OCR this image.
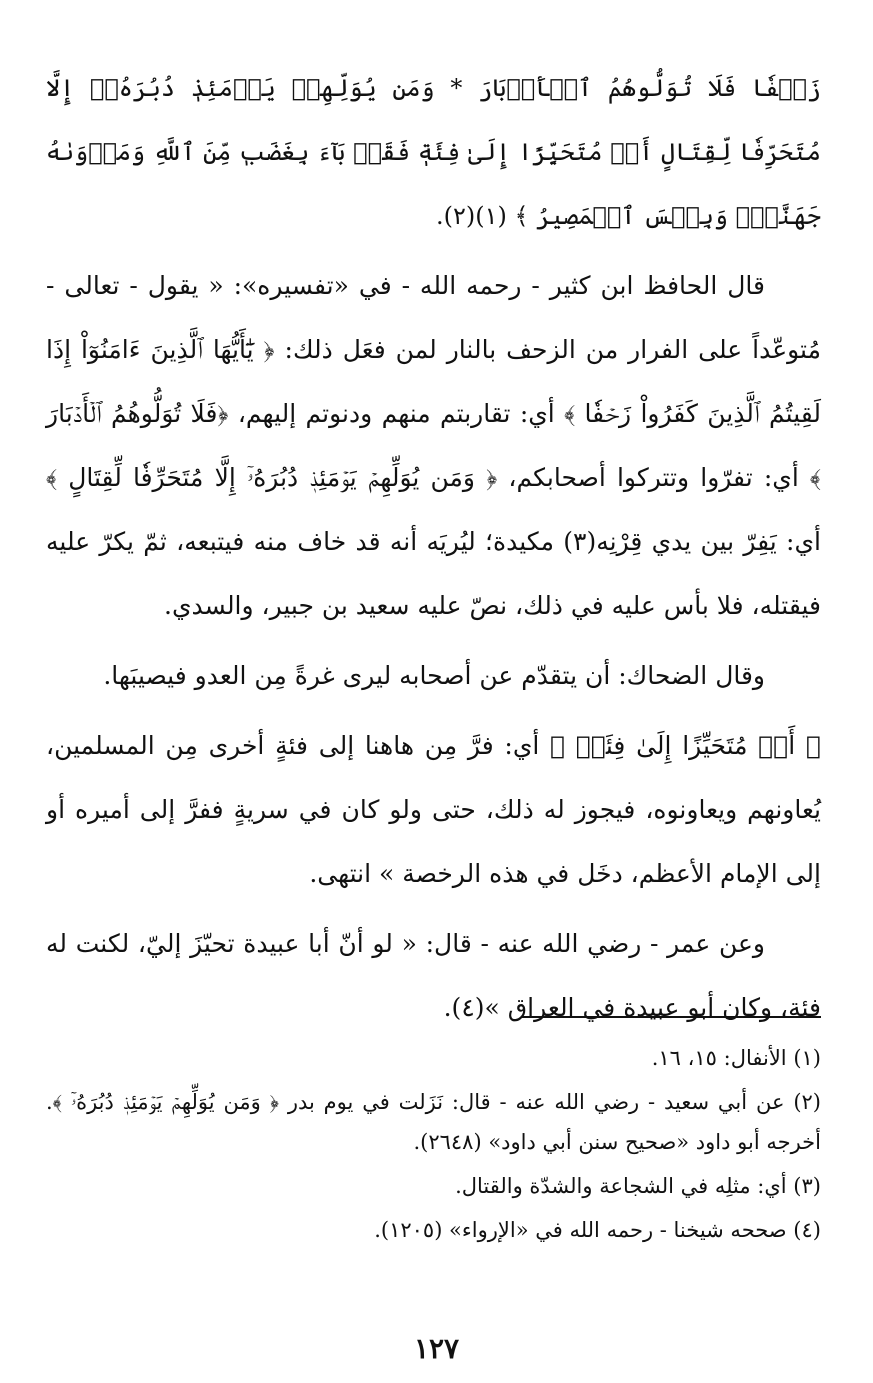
زَحۡفٗا فَلَا تُوَلُّوهُمُ ٱلۡأَدۡبَارَ * وَمَن يُوَلِّهِمۡ يَوۡمَئِذٖ دُبُرَهُۥٓ إِلَّا مُتَحَرِّفٗا لِّقِتَالٍ أَوۡ مُتَحَيِّزًا إِلَىٰ فِئَةٖ فَقَدۡ بَآءَ بِغَضَبٖ مِّنَ ٱللَّهِ وَمَأۡوَىٰهُ جَهَنَّمُۖ وَبِئۡسَ ٱلۡمَصِيرُ ﴾ (١)(٢).

قال الحافظ ابن كثير - رحمه الله - في «تفسيره»: « يقول - تعالى - مُتوعّداً على الفرار من الزحف بالنار لمن فعَل ذلك: ﴿ يَٰٓأَيُّهَا ٱلَّذِينَ ءَامَنُوٓاْ إِذَا لَقِيتُمُ ٱلَّذِينَ كَفَرُواْ زَحۡفٗا ﴾ أي: تقاربتم منهم ودنوتم إليهم، ﴿فَلَا تُوَلُّوهُمُ ٱلۡأَدۡبَارَ ﴾ أي: تفرّوا وتتركوا أصحابكم، ﴿ وَمَن يُوَلِّهِمۡ يَوۡمَئِذٖ دُبُرَهُۥٓ إِلَّا مُتَحَرِّفٗا لِّقِتَالٍ ﴾ أي: يَفِرّ بين يدي قِرْنِه(٣) مكيدة؛ ليُريَه أنه قد خاف منه فيتبعه، ثمّ يكرّ عليه فيقتله، فلا بأس عليه في ذلك، نصّ عليه سعيد بن جبير، والسدي.

وقال الضحاك: أن يتقدّم عن أصحابه ليرى غرةً مِن العدو فيصيبَها.

﴿ أَوۡ مُتَحَيِّزًا إِلَىٰ فِئَةٖ ﴾ أي: فرَّ مِن هاهنا إلى فئةٍ أخرى مِن المسلمين، يُعاونهم ويعاونوه، فيجوز له ذلك، حتى ولو كان في سريةٍ ففرَّ إلى أميره أو إلى الإمام الأعظم، دخَل في هذه الرخصة » انتهى.

وعن عمر - رضي الله عنه - قال: « لو أنّ أبا عبيدة تحيّزَ إليّ، لكنت له فئة، وكان أبو عبيدة في العراق »(٤).

(١) الأنفال: ١٥، ١٦.

(٢) عن أبي سعيد - رضي الله عنه - قال: نَزَلت في يوم بدر ﴿ وَمَن يُوَلِّهِمۡ يَوۡمَئِذٖ دُبُرَهُۥٓ ﴾. أخرجه أبو داود «صحيح سنن أبي داود» (٢٦٤٨).

(٣) أي: مثلِه في الشجاعة والشدّة والقتال.

(٤) صححه شيخنا - رحمه الله في «الإرواء» (١٢٠٥).

١٢٧
